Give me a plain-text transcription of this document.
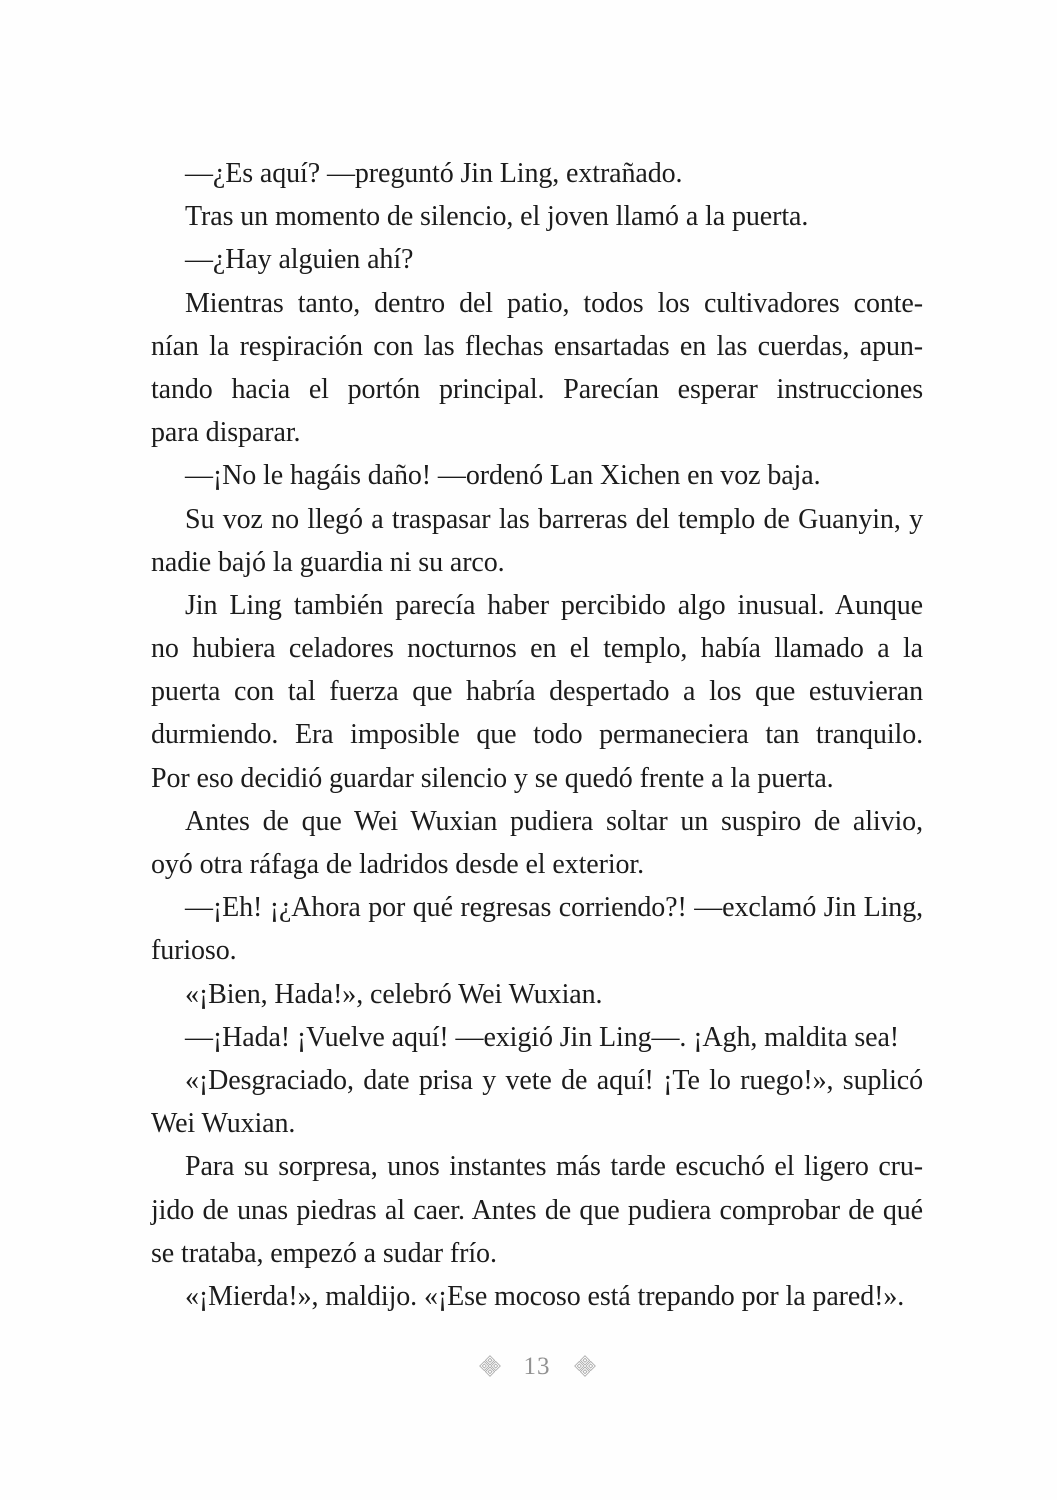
—¿Es aquí? —preguntó Jin Ling, extrañado.
Tras un momento de silencio, el joven llamó a la puerta.
—¿Hay alguien ahí?
Mientras tanto, dentro del patio, todos los cultivadores conte-
nían la respiración con las flechas ensartadas en las cuerdas, apun-
tando hacia el portón principal. Parecían esperar instrucciones
para disparar.
—¡No le hagáis daño! —ordenó Lan Xichen en voz baja.
Su voz no llegó a traspasar las barreras del templo de Guanyin, y
nadie bajó la guardia ni su arco.
Jin Ling también parecía haber percibido algo inusual. Aunque
no hubiera celadores nocturnos en el templo, había llamado a la
puerta con tal fuerza que habría despertado a los que estuvieran
durmiendo. Era imposible que todo permaneciera tan tranquilo.
Por eso decidió guardar silencio y se quedó frente a la puerta.
Antes de que Wei Wuxian pudiera soltar un suspiro de alivio,
oyó otra ráfaga de ladridos desde el exterior.
—¡Eh! ¡¿Ahora por qué regresas corriendo?! —exclamó Jin Ling,
furioso.
«¡Bien, Hada!», celebró Wei Wuxian.
—¡Hada! ¡Vuelve aquí! —exigió Jin Ling—. ¡Agh, maldita sea!
«¡Desgraciado, date prisa y vete de aquí! ¡Te lo ruego!», suplicó
Wei Wuxian.
Para su sorpresa, unos instantes más tarde escuchó el ligero cru-
jido de unas piedras al caer. Antes de que pudiera comprobar de qué
se trataba, empezó a sudar frío.
«¡Mierda!», maldijo. «¡Ese mocoso está trepando por la pared!».
13
